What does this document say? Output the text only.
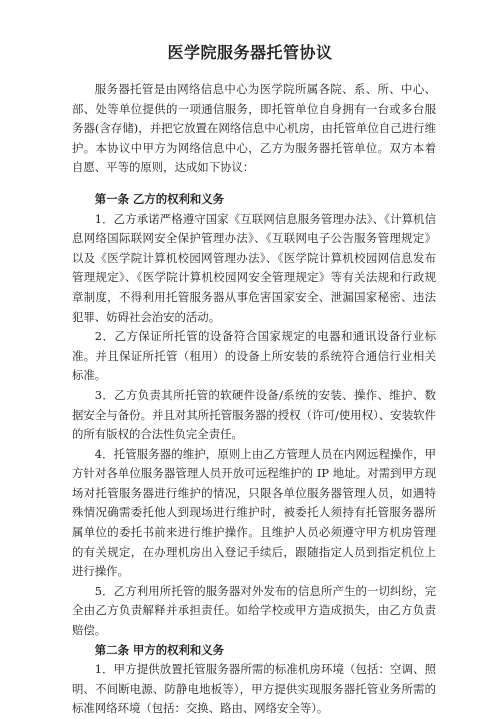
医学院服务器托管协议

服务器托管是由网络信息中心为医学院所属各院、系、所、中心、部、处等单位提供的一项通信服务，即托管单位自身拥有一台或多台服务器(含存储)，并把它放置在网络信息中心机房，由托管单位自己进行维护。本协议中甲方为网络信息中心，乙方为服务器托管单位。双方本着自愿、平等的原则，达成如下协议：

第一条 乙方的权利和义务

1．乙方承诺严格遵守国家《互联网信息服务管理办法》、《计算机信息网络国际联网安全保护管理办法》、《互联网电子公告服务管理规定》以及《医学院计算机校园网管理办法》、《医学院计算机校园网信息发布管理规定》、《医学院计算机校园网安全管理规定》等有关法规和行政规章制度，不得利用托管服务器从事危害国家安全、泄漏国家秘密、违法犯罪、妨碍社会治安的活动。

2．乙方保证所托管的设备符合国家规定的电器和通讯设备行业标准。并且保证所托管（租用）的设备上所安装的系统符合通信行业相关标准。

3．乙方负责其所托管的软硬件设备/系统的安装、操作、维护、数据安全与备份。并且对其所托管服务器的授权（许可/使用权）、安装软件的所有版权的合法性负完全责任。

4．托管服务器的维护，原则上由乙方管理人员在内网远程操作，甲方针对各单位服务器管理人员开放可远程维护的 IP 地址。对需到甲方现场对托管服务器进行维护的情况，只限各单位服务器管理人员，如遇特殊情况确需委托他人到现场进行维护时，被委托人须持有托管服务器所属单位的委托书前来进行维护操作。且维护人员必须遵守甲方机房管理的有关规定，在办理机房出入登记手续后，跟随指定人员到指定机位上进行操作。

5．乙方利用所托管的服务器对外发布的信息所产生的一切纠纷，完全由乙方负责解释并承担责任。如给学校或甲方造成损失，由乙方负责赔偿。

第二条 甲方的权利和义务

1．甲方提供放置托管服务器所需的标准机房环境（包括：空调、照明、不间断电源、防静电地板等），甲方提供实现服务器托管业务所需的标准网络环境（包括：交换、路由、网络安全等）。
